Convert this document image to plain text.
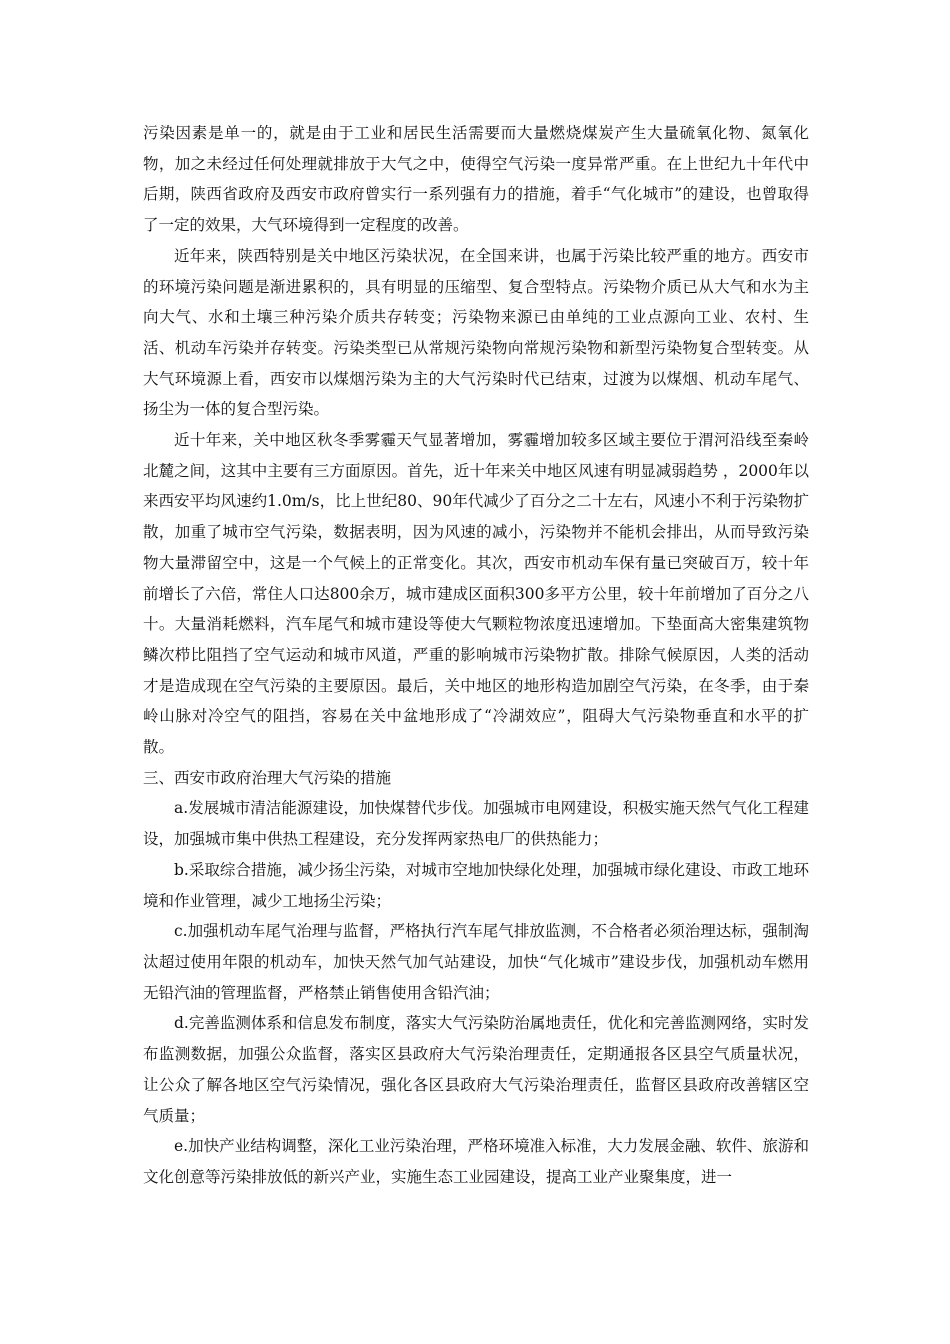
污染因素是单一的，就是由于工业和居民生活需要而大量燃烧煤炭产生大量硫氧化物、氮氧化物，加之未经过任何处理就排放于大气之中，使得空气污染一度异常严重。在上世纪九十年代中后期，陕西省政府及西安市政府曾实行一系列强有力的措施，着手“气化城市”的建设，也曾取得了一定的效果，大气环境得到一定程度的改善。

近年来，陕西特别是关中地区污染状况，在全国来讲，也属于污染比较严重的地方。西安市的环境污染问题是渐进累积的，具有明显的压缩型、复合型特点。污染物介质已从大气和水为主向大气、水和土壤三种污染介质共存转变；污染物来源已由单纯的工业点源向工业、农村、生活、机动车污染并存转变。污染类型已从常规污染物向常规污染物和新型污染物复合型转变。从大气环境源上看，西安市以煤烟污染为主的大气污染时代已结束，过渡为以煤烟、机动车尾气、扬尘为一体的复合型污染。

近十年来，关中地区秋冬季雾霾天气显著增加，雾霾增加较多区域主要位于渭河沿线至秦岭北麓之间，这其中主要有三方面原因。首先，近十年来关中地区风速有明显减弱趋势 ，2000年以来西安平均风速约1.0m/s，比上世纪80、90年代减少了百分之二十左右，风速小不利于污染物扩散，加重了城市空气污染，数据表明，因为风速的减小，污染物并不能机会排出，从而导致污染物大量滞留空中，这是一个气候上的正常变化。其次，西安市机动车保有量已突破百万，较十年前增长了六倍，常住人口达800余万，城市建成区面积300多平方公里，较十年前增加了百分之八十。大量消耗燃料，汽车尾气和城市建设等使大气颗粒物浓度迅速增加。下垫面高大密集建筑物鳞次栉比阻挡了空气运动和城市风道，严重的影响城市污染物扩散。排除气候原因，人类的活动才是造成现在空气污染的主要原因。最后，关中地区的地形构造加剧空气污染，在冬季，由于秦岭山脉对冷空气的阻挡，容易在关中盆地形成了“冷湖效应”，阻碍大气污染物垂直和水平的扩散。

三、西安市政府治理大气污染的措施

a.发展城市清洁能源建设，加快煤替代步伐。加强城市电网建设，积极实施天然气气化工程建设，加强城市集中供热工程建设，充分发挥两家热电厂的供热能力；

b.采取综合措施，减少扬尘污染，对城市空地加快绿化处理，加强城市绿化建设、市政工地环境和作业管理，减少工地扬尘污染；

c.加强机动车尾气治理与监督，严格执行汽车尾气排放监测，不合格者必须治理达标，强制淘汰超过使用年限的机动车，加快天然气加气站建设，加快“气化城市”建设步伐，加强机动车燃用无铅汽油的管理监督，严格禁止销售使用含铅汽油；

d.完善监测体系和信息发布制度，落实大气污染防治属地责任，优化和完善监测网络，实时发布监测数据，加强公众监督，落实区县政府大气污染治理责任，定期通报各区县空气质量状况，让公众了解各地区空气污染情况，强化各区县政府大气污染治理责任，监督区县政府改善辖区空气质量；

e.加快产业结构调整，深化工业污染治理，严格环境准入标准，大力发展金融、软件、旅游和文化创意等污染排放低的新兴产业，实施生态工业园建设，提高工业产业聚集度，进一
